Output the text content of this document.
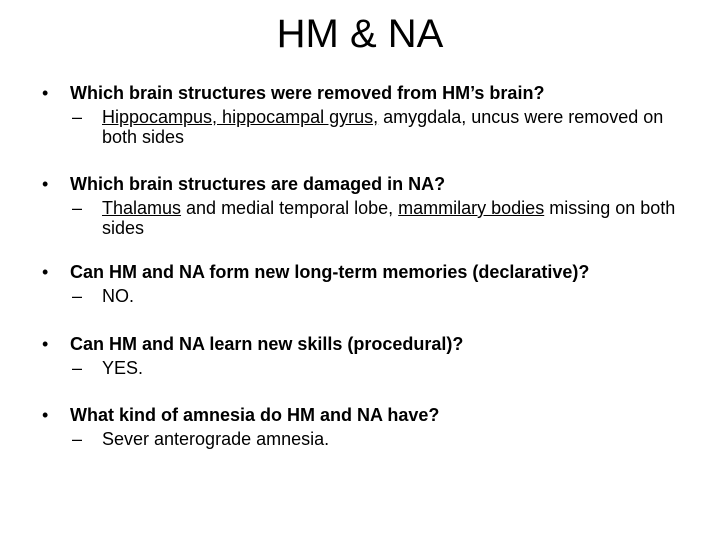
HM & NA
• Which brain structures were removed from HM’s brain?
– Hippocampus, hippocampal gyrus, amygdala, uncus were removed on both sides
• Which brain structures are damaged in NA?
– Thalamus and medial temporal lobe, mammilary bodies missing on both sides
• Can HM and NA form new long-term memories (declarative)?
– NO.
• Can HM and NA learn new skills (procedural)?
– YES.
• What kind of amnesia do HM and NA have?
– Sever anterograde amnesia.
